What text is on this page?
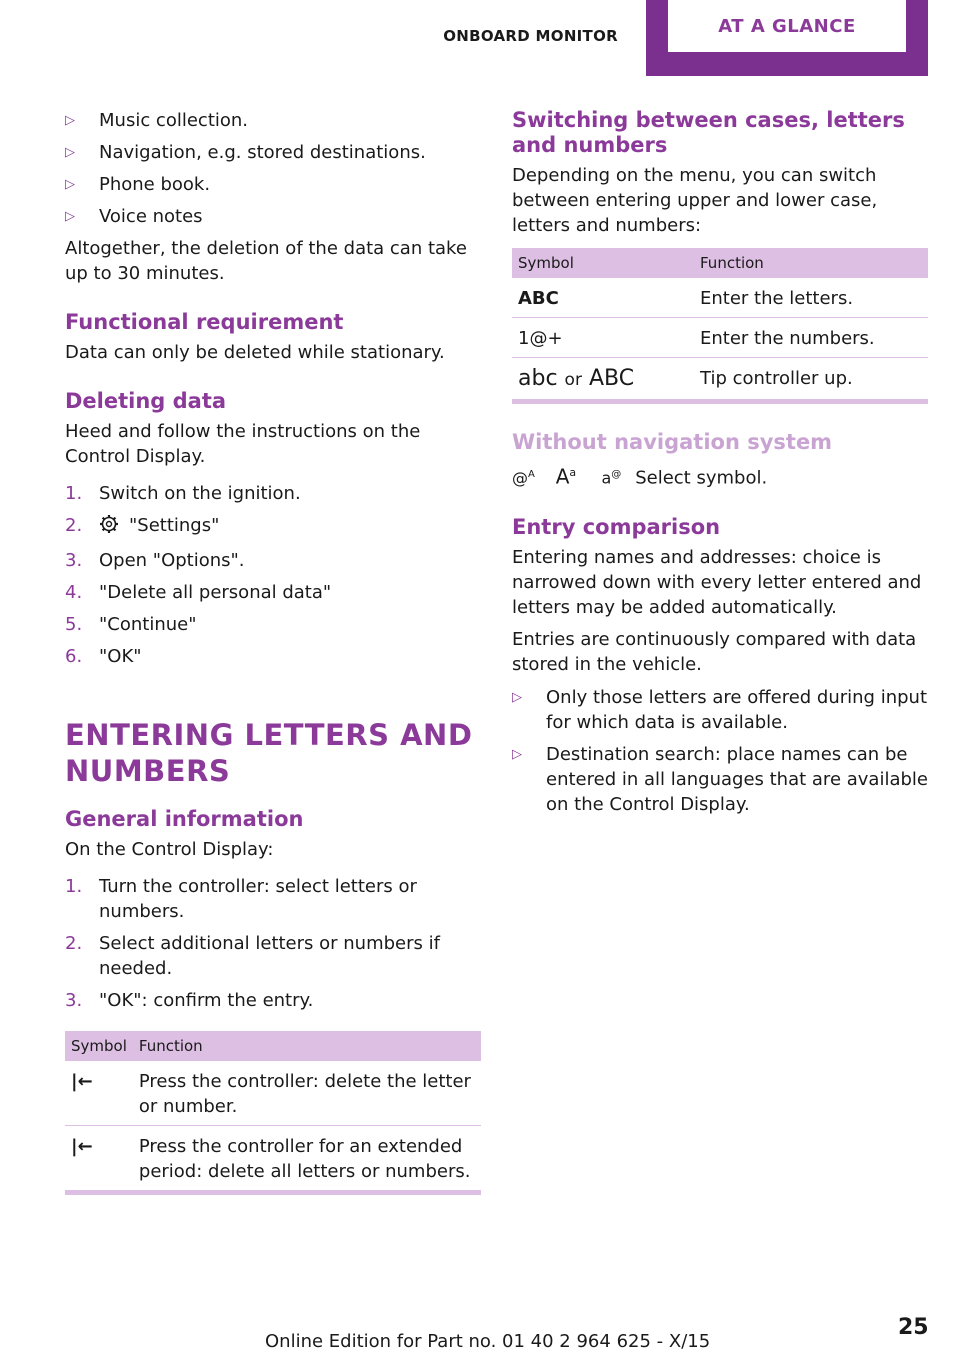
ONBOARD MONITOR	AT A GLANCE
▷ Music collection.
▷ Navigation, e.g. stored destinations.
▷ Phone book.
▷ Voice notes

Altogether, the deletion of the data can take up to 30 minutes.

Functional requirement

Data can only be deleted while stationary.

Deleting data

Heed and follow the instructions on the Control Display.

1. Switch on the ignition.
2.	"Settings"
3. Open "Options".
4. "Delete all personal data"
5. "Continue"
6. "OK"
ENTERING LETTERS AND NUMBERS
General information

On the Control Display:

1. Turn the controller: select letters or numbers.
2. Select additional letters or numbers if needed.
3. "OK": confirm the entry.
Symbol	Function
|←	Press the controller: delete the letter or number.
|←	Press the controller for an extended period: delete all letters or numbers.
Switching between cases, letters and numbers

Depending on the menu, you can switch between entering upper and lower case, letters and numbers:

Symbol	Function
ABC	Enter the letters.
1@+	Enter the numbers.
abc or ABC	Tip controller up.
Without navigation system

@$^A$ $A^a$ a@ Select symbol.

Entry comparison

Entering names and addresses: choice is narrowed down with every letter entered and letters may be added automatically.

Entries are continuously compared with data stored in the vehicle.

▷ Only those letters are offered during input for which data is available.
▷ Destination search: place names can be entered in all languages that are available on the Control Display.
Online Edition for Part no. 01 40 2 964 625 - X/15
25
